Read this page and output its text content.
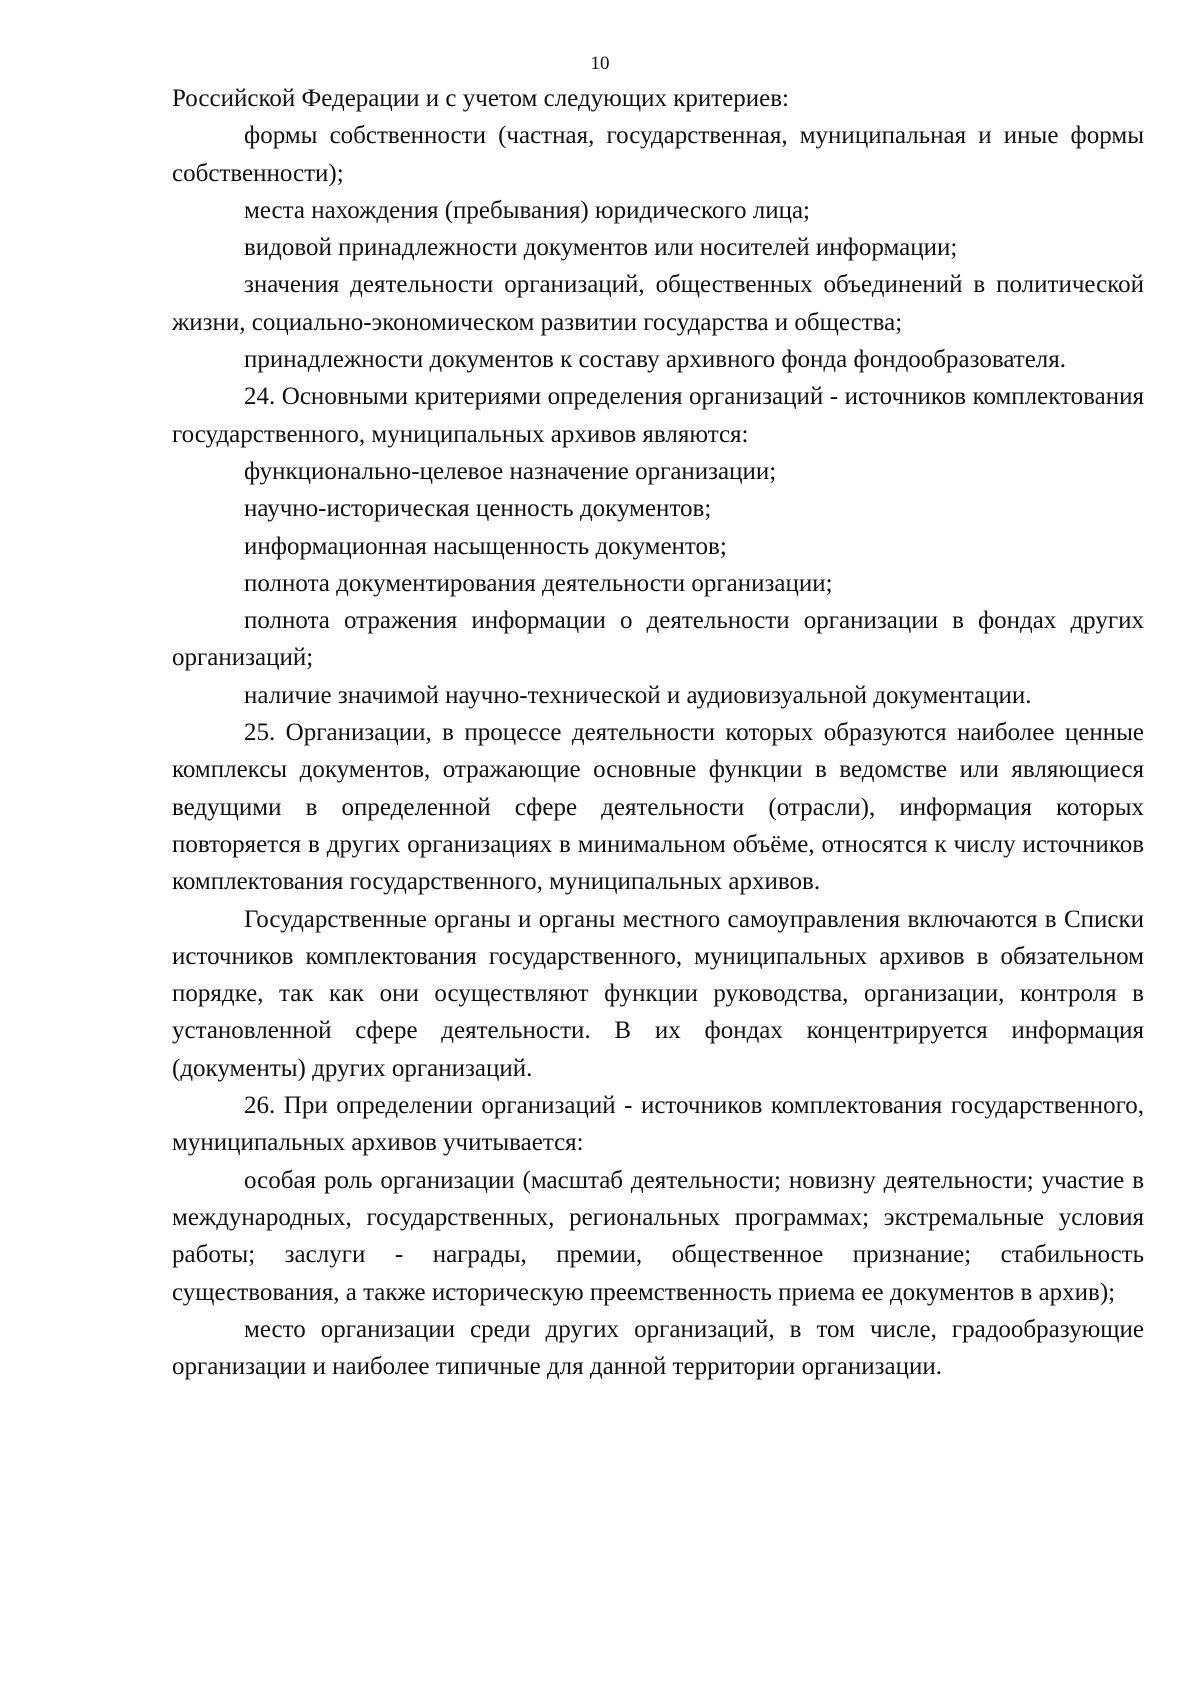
10

Российской Федерации и с учетом следующих критериев:

формы собственности (частная, государственная, муниципальная и иные формы собственности);

места нахождения (пребывания) юридического лица;

видовой принадлежности документов или носителей информации;

значения деятельности организаций, общественных объединений в политической жизни, социально-экономическом развитии государства и общества;

принадлежности документов к составу архивного фонда фондообразователя.

24. Основными критериями определения организаций - источников комплектования государственного, муниципальных архивов являются:

функционально-целевое назначение организации;

научно-историческая ценность документов;

информационная насыщенность документов;

полнота документирования деятельности организации;

полнота отражения информации о деятельности организации в фондах других организаций;

наличие значимой научно-технической и аудиовизуальной документации.

25. Организации, в процессе деятельности которых образуются наиболее ценные комплексы документов, отражающие основные функции в ведомстве или являющиеся ведущими в определенной сфере деятельности (отрасли), информация которых повторяется в других организациях в минимальном объёме, относятся к числу источников комплектования государственного, муниципальных архивов.

Государственные органы и органы местного самоуправления включаются в Списки источников комплектования государственного, муниципальных архивов в обязательном порядке, так как они осуществляют функции руководства, организации, контроля в установленной сфере деятельности. В их фондах концентрируется информация (документы) других организаций.

26. При определении организаций - источников комплектования государственного, муниципальных архивов учитывается:

особая роль организации (масштаб деятельности; новизну деятельности; участие в международных, государственных, региональных программах; экстремальные условия работы; заслуги - награды, премии, общественное признание; стабильность существования, а также историческую преемственность приема ее документов в архив);

место организации среди других организаций, в том числе, градообразующие организации и наиболее типичные для данной территории организации.
